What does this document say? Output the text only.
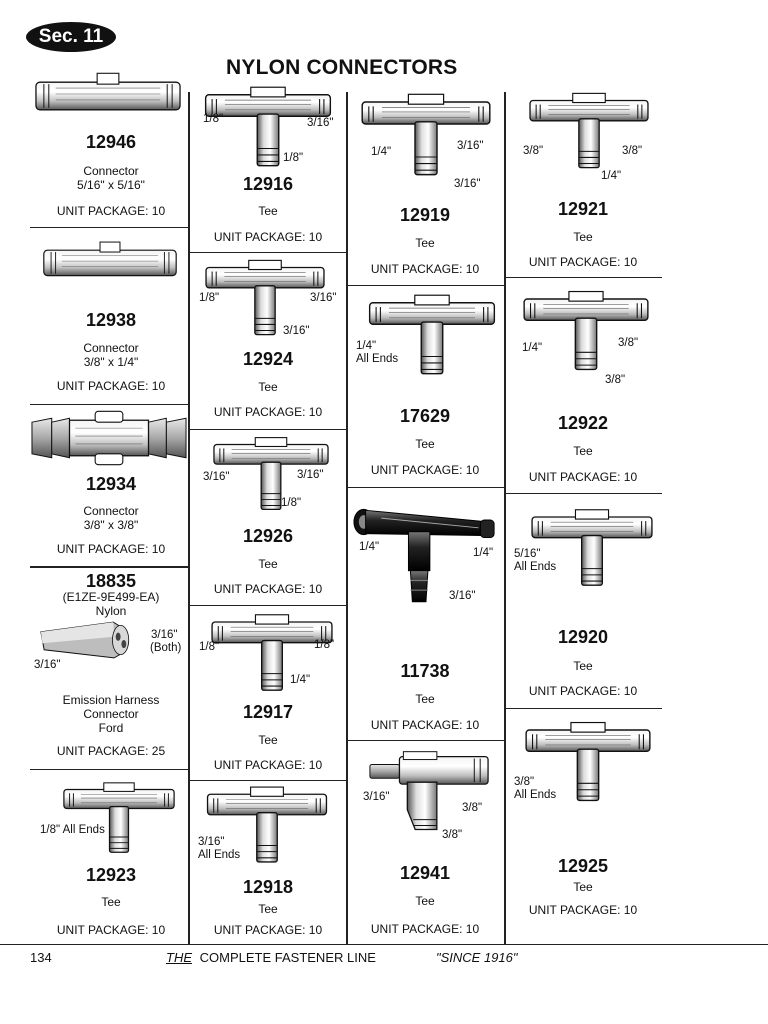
Sec. 11
NYLON CONNECTORS
12946
Connector
5/16" x 5/16"
UNIT PACKAGE: 10
12938
Connector
3/8" x 1/4"
UNIT PACKAGE: 10
12934
Connector
3/8" x 3/8"
UNIT PACKAGE: 10
18835
(E1ZE-9E499-EA)
Nylon
3/16"
(Both)
3/16"
Emission Harness
Connector
Ford
UNIT PACKAGE: 25
1/8" All Ends
12923
Tee
UNIT PACKAGE: 10
1/8"	3/16"
1/8"
12916
Tee
UNIT PACKAGE: 10
1/8"	3/16"
3/16"
12924
Tee
UNIT PACKAGE: 10
3/16"	3/16"
1/8"
12926
Tee
UNIT PACKAGE: 10
1/8"	1/8"
1/4"
12917
Tee
UNIT PACKAGE: 10
3/16"
All Ends
12918
Tee
UNIT PACKAGE: 10
1/4"	3/16"
3/16"
12919
Tee
UNIT PACKAGE: 10
1/4"
All Ends
17629
Tee
UNIT PACKAGE: 10
1/4"	1/4"
3/16"
11738
Tee
UNIT PACKAGE: 10
3/16"
3/8"
3/8"
12941
Tee
UNIT PACKAGE: 10
3/8"	3/8"
1/4"
12921
Tee
UNIT PACKAGE: 10
1/4"	3/8"
3/8"
12922
Tee
UNIT PACKAGE: 10
5/16"
All Ends
12920
Tee
UNIT PACKAGE: 10
3/8"
All Ends
12925
Tee
UNIT PACKAGE: 10
134	THE COMPLETE FASTENER LINE	"SINCE 1916"
